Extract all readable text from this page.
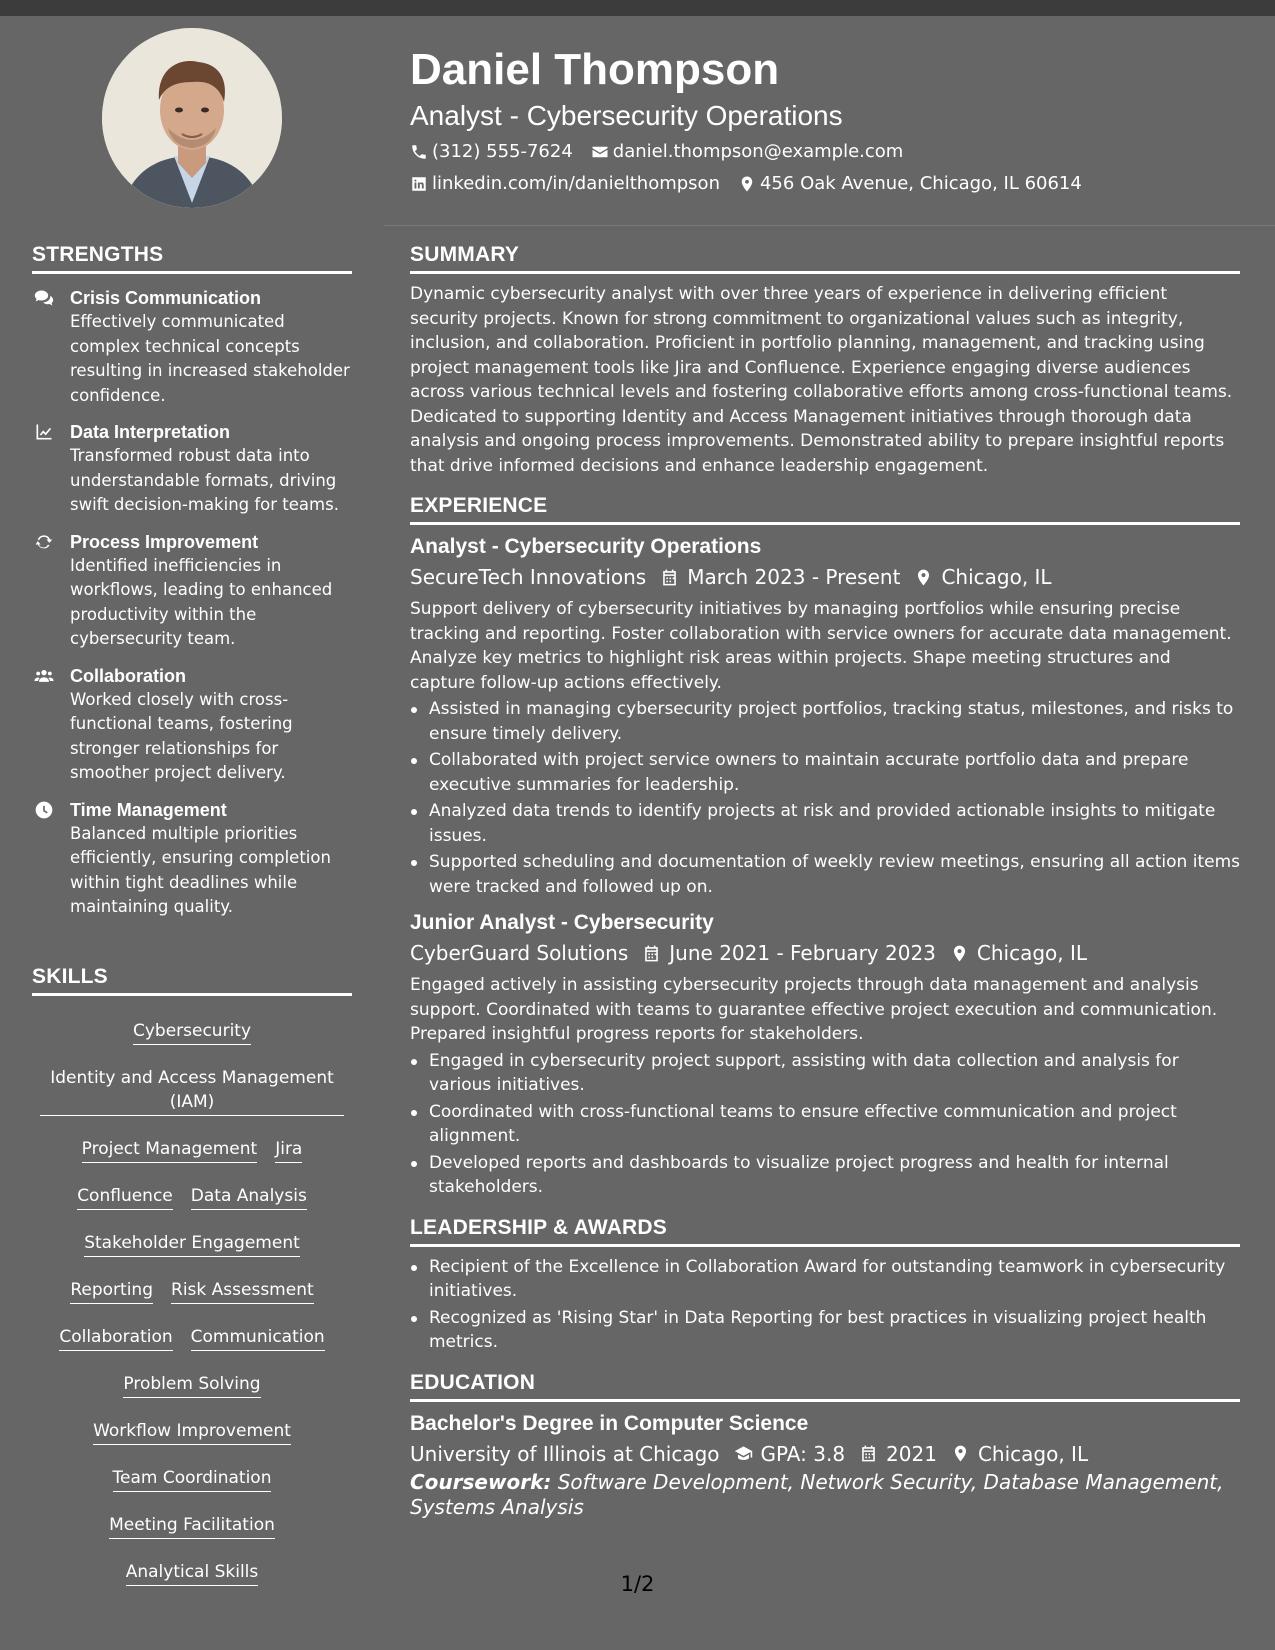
Daniel Thompson
Analyst - Cybersecurity Operations
(312) 555-7624 daniel.thompson@example.com
linkedin.com/in/danielthompson 456 Oak Avenue, Chicago, IL 60614
STRENGTHS
Crisis Communication
Effectively communicated complex technical concepts resulting in increased stakeholder confidence.
Data Interpretation
Transformed robust data into understandable formats, driving swift decision-making for teams.
Process Improvement
Identified inefficiencies in workflows, leading to enhanced productivity within the cybersecurity team.
Collaboration
Worked closely with cross-functional teams, fostering stronger relationships for smoother project delivery.
Time Management
Balanced multiple priorities efficiently, ensuring completion within tight deadlines while maintaining quality.
SKILLS
Cybersecurity
Identity and Access Management (IAM)
Project Management Jira
Confluence Data Analysis
Stakeholder Engagement
Reporting Risk Assessment
Collaboration Communication
Problem Solving
Workflow Improvement
Team Coordination
Meeting Facilitation
Analytical Skills
SUMMARY
Dynamic cybersecurity analyst with over three years of experience in delivering efficient security projects. Known for strong commitment to organizational values such as integrity, inclusion, and collaboration. Proficient in portfolio planning, management, and tracking using project management tools like Jira and Confluence. Experience engaging diverse audiences across various technical levels and fostering collaborative efforts among cross-functional teams. Dedicated to supporting Identity and Access Management initiatives through thorough data analysis and ongoing process improvements. Demonstrated ability to prepare insightful reports that drive informed decisions and enhance leadership engagement.
EXPERIENCE
Analyst - Cybersecurity Operations
SecureTech Innovations March 2023 - Present Chicago, IL
Support delivery of cybersecurity initiatives by managing portfolios while ensuring precise tracking and reporting. Foster collaboration with service owners for accurate data management. Analyze key metrics to highlight risk areas within projects. Shape meeting structures and capture follow-up actions effectively.
Assisted in managing cybersecurity project portfolios, tracking status, milestones, and risks to ensure timely delivery.
Collaborated with project service owners to maintain accurate portfolio data and prepare executive summaries for leadership.
Analyzed data trends to identify projects at risk and provided actionable insights to mitigate issues.
Supported scheduling and documentation of weekly review meetings, ensuring all action items were tracked and followed up on.
Junior Analyst - Cybersecurity
CyberGuard Solutions June 2021 - February 2023 Chicago, IL
Engaged actively in assisting cybersecurity projects through data management and analysis support. Coordinated with teams to guarantee effective project execution and communication. Prepared insightful progress reports for stakeholders.
Engaged in cybersecurity project support, assisting with data collection and analysis for various initiatives.
Coordinated with cross-functional teams to ensure effective communication and project alignment.
Developed reports and dashboards to visualize project progress and health for internal stakeholders.
LEADERSHIP & AWARDS
Recipient of the Excellence in Collaboration Award for outstanding teamwork in cybersecurity initiatives.
Recognized as 'Rising Star' in Data Reporting for best practices in visualizing project health metrics.
EDUCATION
Bachelor's Degree in Computer Science
University of Illinois at Chicago GPA: 3.8 2021 Chicago, IL
Coursework: Software Development, Network Security, Database Management, Systems Analysis
1/2
